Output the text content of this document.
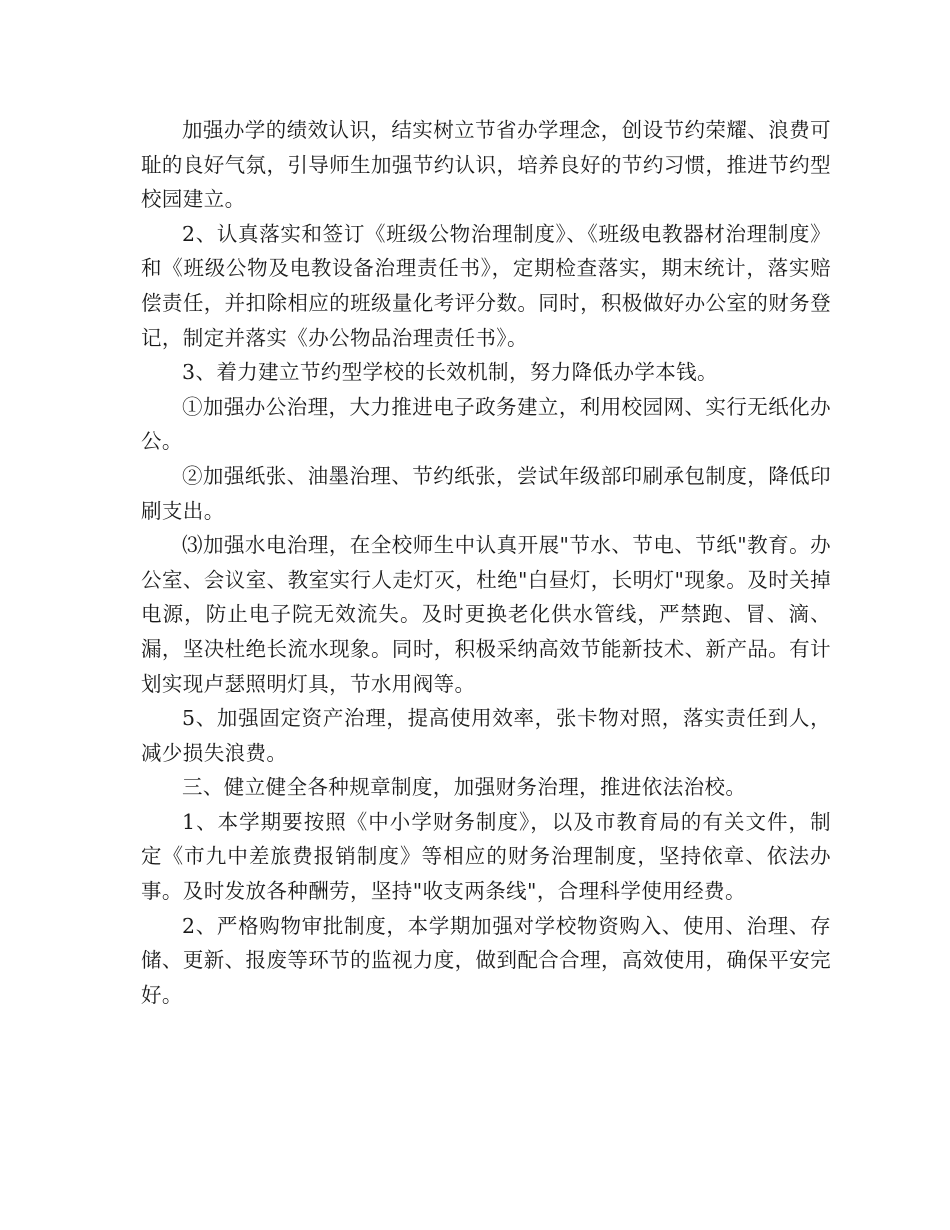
加强办学的绩效认识，结实树立节省办学理念，创设节约荣耀、浪费可耻的良好气氛，引导师生加强节约认识，培养良好的节约习惯，推进节约型校园建立。

2、认真落实和签订《班级公物治理制度》、《班级电教器材治理制度》和《班级公物及电教设备治理责任书》，定期检查落实，期末统计，落实赔偿责任，并扣除相应的班级量化考评分数。同时，积极做好办公室的财务登记，制定并落实《办公物品治理责任书》。

3、着力建立节约型学校的长效机制，努力降低办学本钱。

①加强办公治理，大力推进电子政务建立，利用校园网、实行无纸化办公。

②加强纸张、油墨治理、节约纸张，尝试年级部印刷承包制度，降低印刷支出。

⑶加强水电治理，在全校师生中认真开展"节水、节电、节纸"教育。办公室、会议室、教室实行人走灯灭，杜绝"白昼灯，长明灯"现象。及时关掉电源，防止电子院无效流失。及时更换老化供水管线，严禁跑、冒、滴、漏，坚决杜绝长流水现象。同时，积极采纳高效节能新技术、新产品。有计划实现卢瑟照明灯具，节水用阀等。

5、加强固定资产治理，提高使用效率，张卡物对照，落实责任到人，减少损失浪费。

三、健立健全各种规章制度，加强财务治理，推进依法治校。

1、本学期要按照《中小学财务制度》，以及市教育局的有关文件，制定《市九中差旅费报销制度》等相应的财务治理制度，坚持依章、依法办事。及时发放各种酬劳，坚持"收支两条线"，合理科学使用经费。

2、严格购物审批制度，本学期加强对学校物资购入、使用、治理、存储、更新、报废等环节的监视力度，做到配合合理，高效使用，确保平安完好。
